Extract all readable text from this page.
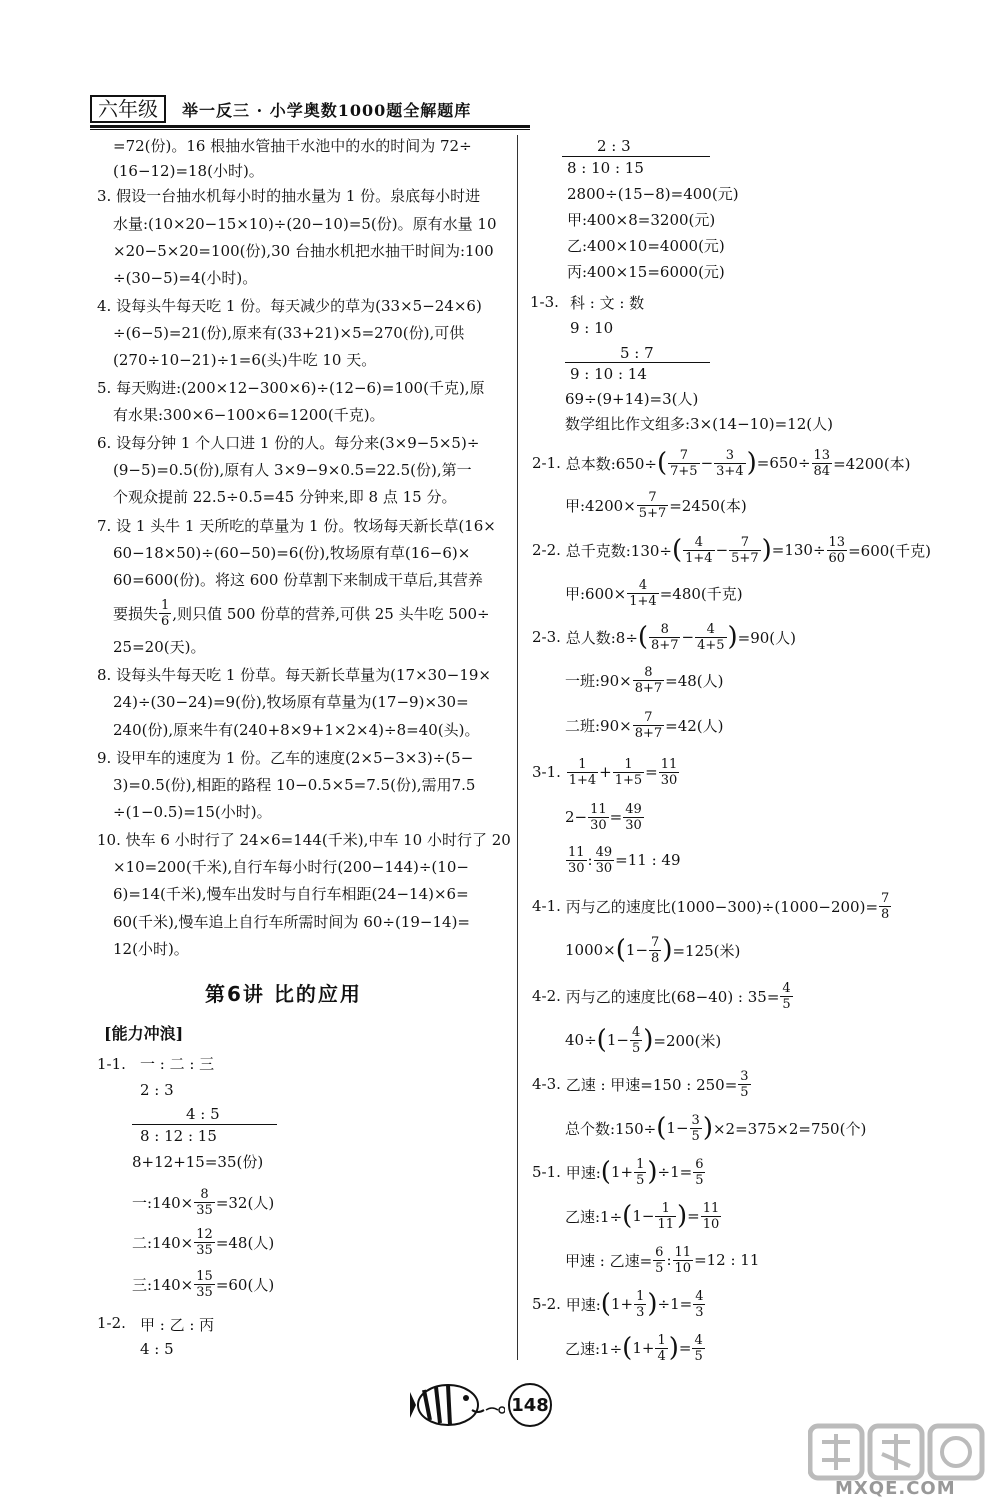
六年级	举一反三 · 小学奥数1000题全解题库
=72(份)。16 根抽水管抽干水池中的水的时间为 72÷
(16−12)=18(小时)。
3. 假设一台抽水机每小时的抽水量为 1 份。泉底每小时进
水量:(10×20−15×10)÷(20−10)=5(份)。原有水量 10
×20−5×20=100(份),30 台抽水机把水抽干时间为:100
÷(30−5)=4(小时)。
4. 设每头牛每天吃 1 份。每天减少的草为(33×5−24×6)
÷(6−5)=21(份),原来有(33+21)×5=270(份),可供
(270÷10−21)÷1=6(头)牛吃 10 天。
5. 每天购进:(200×12−300×6)÷(12−6)=100(千克),原
有水果:300×6−100×6=1200(千克)。
6. 设每分钟 1 个人口进 1 份的人。每分来(3×9−5×5)÷
(9−5)=0.5(份),原有人 3×9−9×0.5=22.5(份),第一
个观众提前 22.5÷0.5=45 分钟来,即 8 点 15 分。
7. 设 1 头牛 1 天所吃的草量为 1 份。牧场每天新长草(16×
60−18×50)÷(60−50)=6(份),牧场原有草(16−6)×
60=600(份)。将这 600 份草割下来制成干草后,其营养
25=20(天)。
8. 设每头牛每天吃 1 份草。每天新长草量为(17×30−19×
24)÷(30−24)=9(份),牧场原有草量为(17−9)×30=
240(份),原来牛有(240+8×9+1×2×4)÷8=40(头)。
9. 设甲车的速度为 1 份。乙车的速度(2×5−3×3)÷(5−
3)=0.5(份),相距的路程 10−0.5×5=7.5(份),需用7.5
÷(1−0.5)=15(小时)。
10. 快车 6 小时行了 24×6=144(千米),中车 10 小时行了 20
×10=200(千米),自行车每小时行(200−144)÷(10−
6)=14(千米),慢车出发时与自行车相距(24−14)×6=
60(千米),慢车追上自行车所需时间为 60÷(19−14)=
12(小时)。
要损失 $\frac{1}{6}$ ,则只值 500 份草的营养,可供 25 头牛吃 500÷
第6讲 比的应用
[能力冲浪]
1-1. 一 : 二 : 三
2 : 3
4 : 5
8 : 12 : 15
8+12+15=35(份)
一:140× $\frac{8}{35} =32$(人)
二:140× $\frac{12}{35} =48$(人)
三:140× $\frac{15}{35} =60$(人)
1-2. 甲 : 乙 : 丙
4 : 5
2 : 3
8 : 10 : 15
2800÷(15−8)=400(元)
甲:400×8=3200(元)
乙:400×10=4000(元)
丙:400×15=6000(元)
1-3. 科 : 文 : 数
9 : 10
5 : 7
9 : 10 : 14
69÷(9+14)=3(人)
数学组比作文组多:3×(14−10)=12(人)
2-1.
总本数:650÷ ( $\frac{7}{7+5} - \frac{3}{3+4}$ ) $=650\div \frac{13}{84} =4200$(本)
甲:4200× $\frac{7}{5+7} =2450$(本)
2-2.
总千克数:130÷ ( $\frac{4}{1+4} - \frac{7}{5+7}$ ) $=130\div \frac{13}{60} =600$(千克)
甲:600× $\frac{4}{1+4} =480$(千克)
2-3.
总人数:8÷ ( $\frac{8}{8+7} - \frac{4}{4+5}$ ) =90(人)
一班:90× $\frac{8}{8+7} =48$(人)
二班:90× $\frac{7}{8+7} =42$(人)
3-1.
$\frac{1}{1+4} + \frac{1}{1+5} = \frac{11}{30}$
$2- \frac{11}{30} = \frac{49}{30}$
$\frac{11}{30}$ : $\frac{49}{30} =11$ : 49
4-1.
丙与乙的速度比$(1000-300)\div(1000-200)= \frac{7}{8}$
1000× ( $1- \frac{7}{8}$ ) =125(米)
4-2.
丙与乙的速度比(68−40) : $35= \frac{4}{5}$
40÷ ( $1- \frac{4}{5}$ ) =200(米)
4-3.
乙速 : 甲速=150 : $250= \frac{3}{5}$
总个数:150÷ ( $1- \frac{3}{5}$ ) ×2=375×2=750(个)
5-1.
甲速: ( $1+ \frac{1}{5}$ ) $\div 1= \frac{6}{5}$
乙速:1÷ ( $1- \frac{1}{11}$ ) = $\frac{11}{10}$
甲速 : 乙速= $\frac{6}{5}$ : $\frac{11}{10} =12$ : 11
5-2.
甲速: ( $1+ \frac{1}{3}$ ) $\div 1= \frac{4}{3}$
乙速:1÷ ( $1+ \frac{1}{4}$ ) = $\frac{4}{5}$
148
MXQE.COM
